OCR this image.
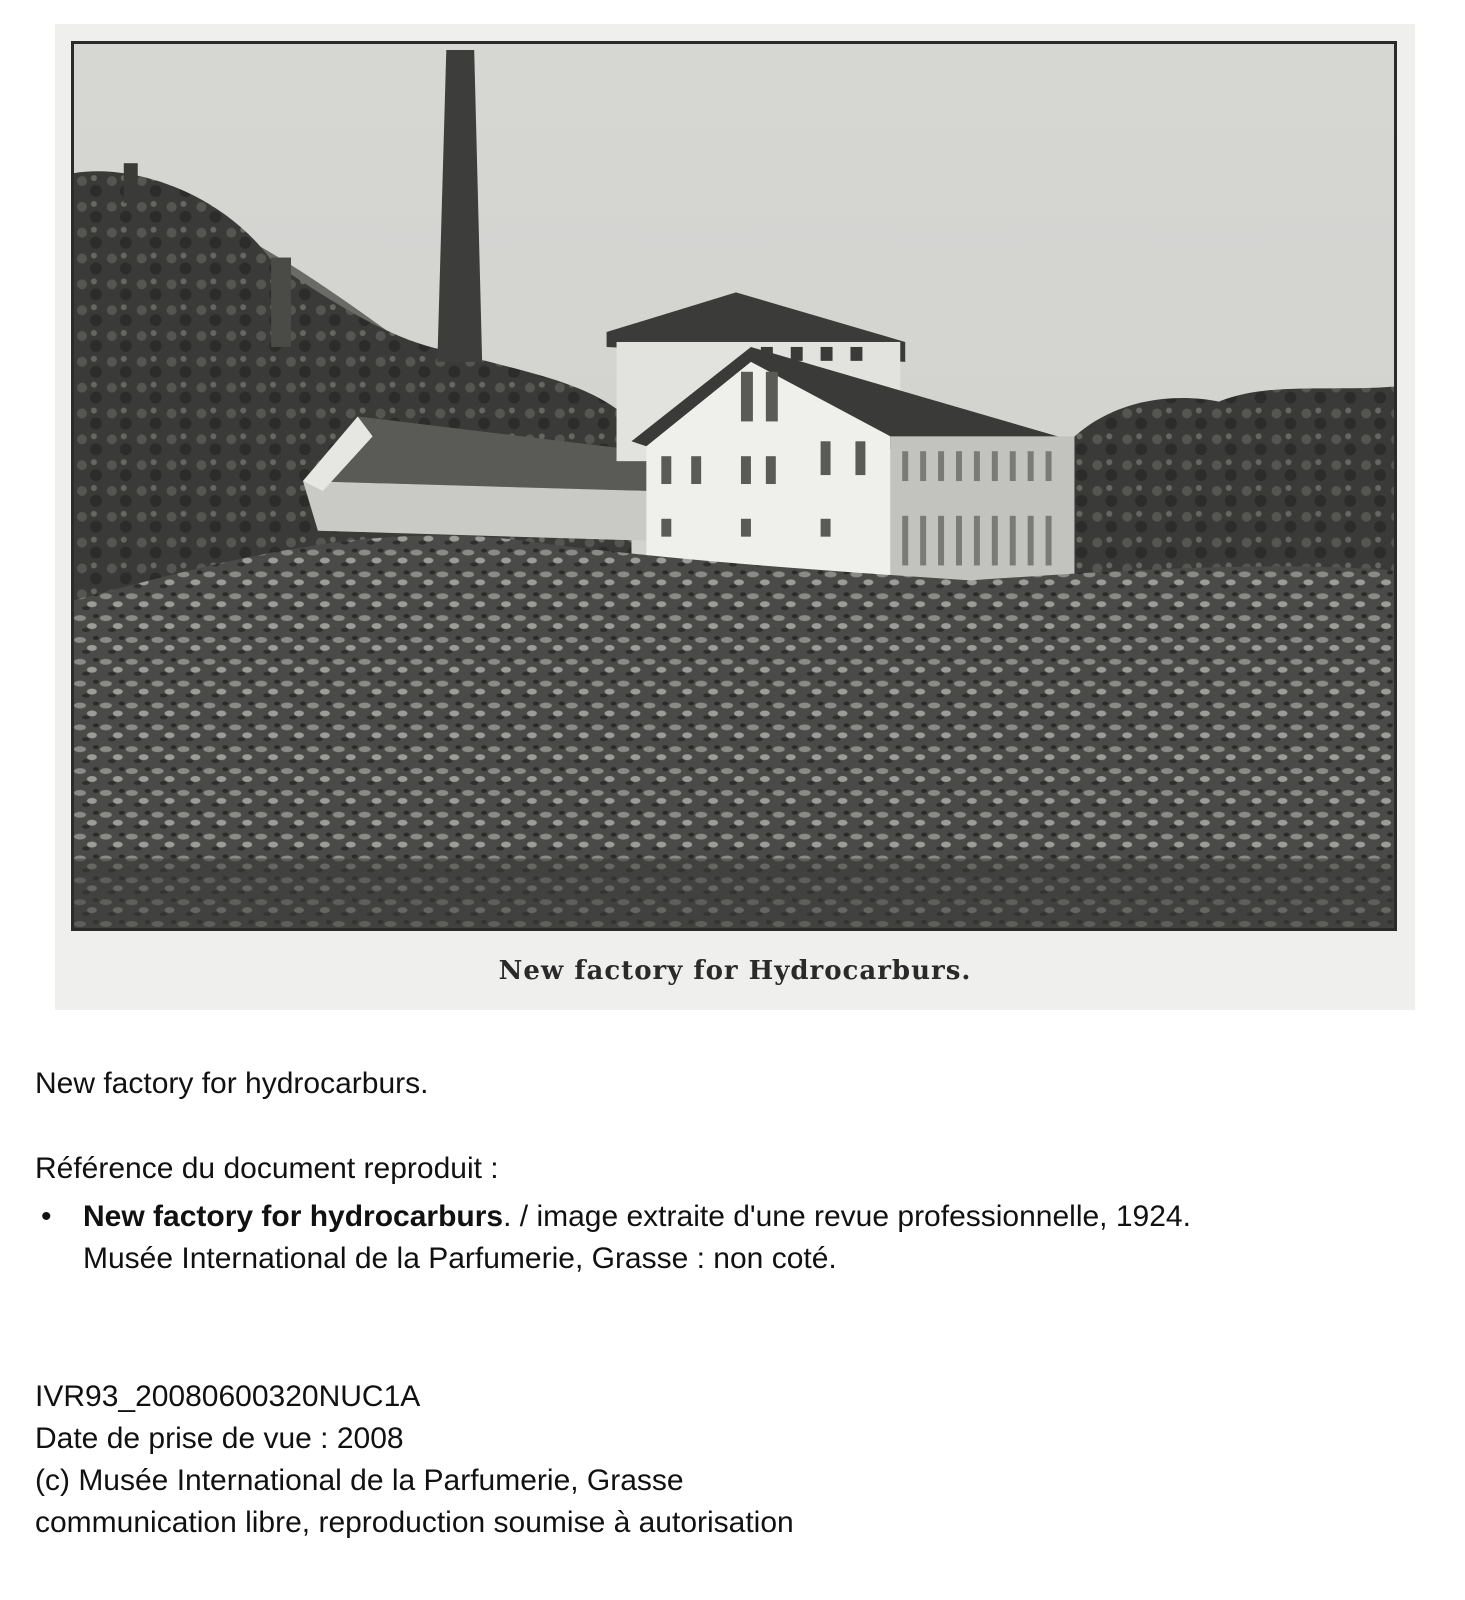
New factory for Hydrocarburs.
New factory for hydrocarburs.
Référence du document reproduit :
• New factory for hydrocarburs. / image extraite d'une revue professionnelle, 1924.
Musée International de la Parfumerie, Grasse : non coté.
IVR93_20080600320NUC1A
Date de prise de vue : 2008
(c) Musée International de la Parfumerie, Grasse
communication libre, reproduction soumise à autorisation
